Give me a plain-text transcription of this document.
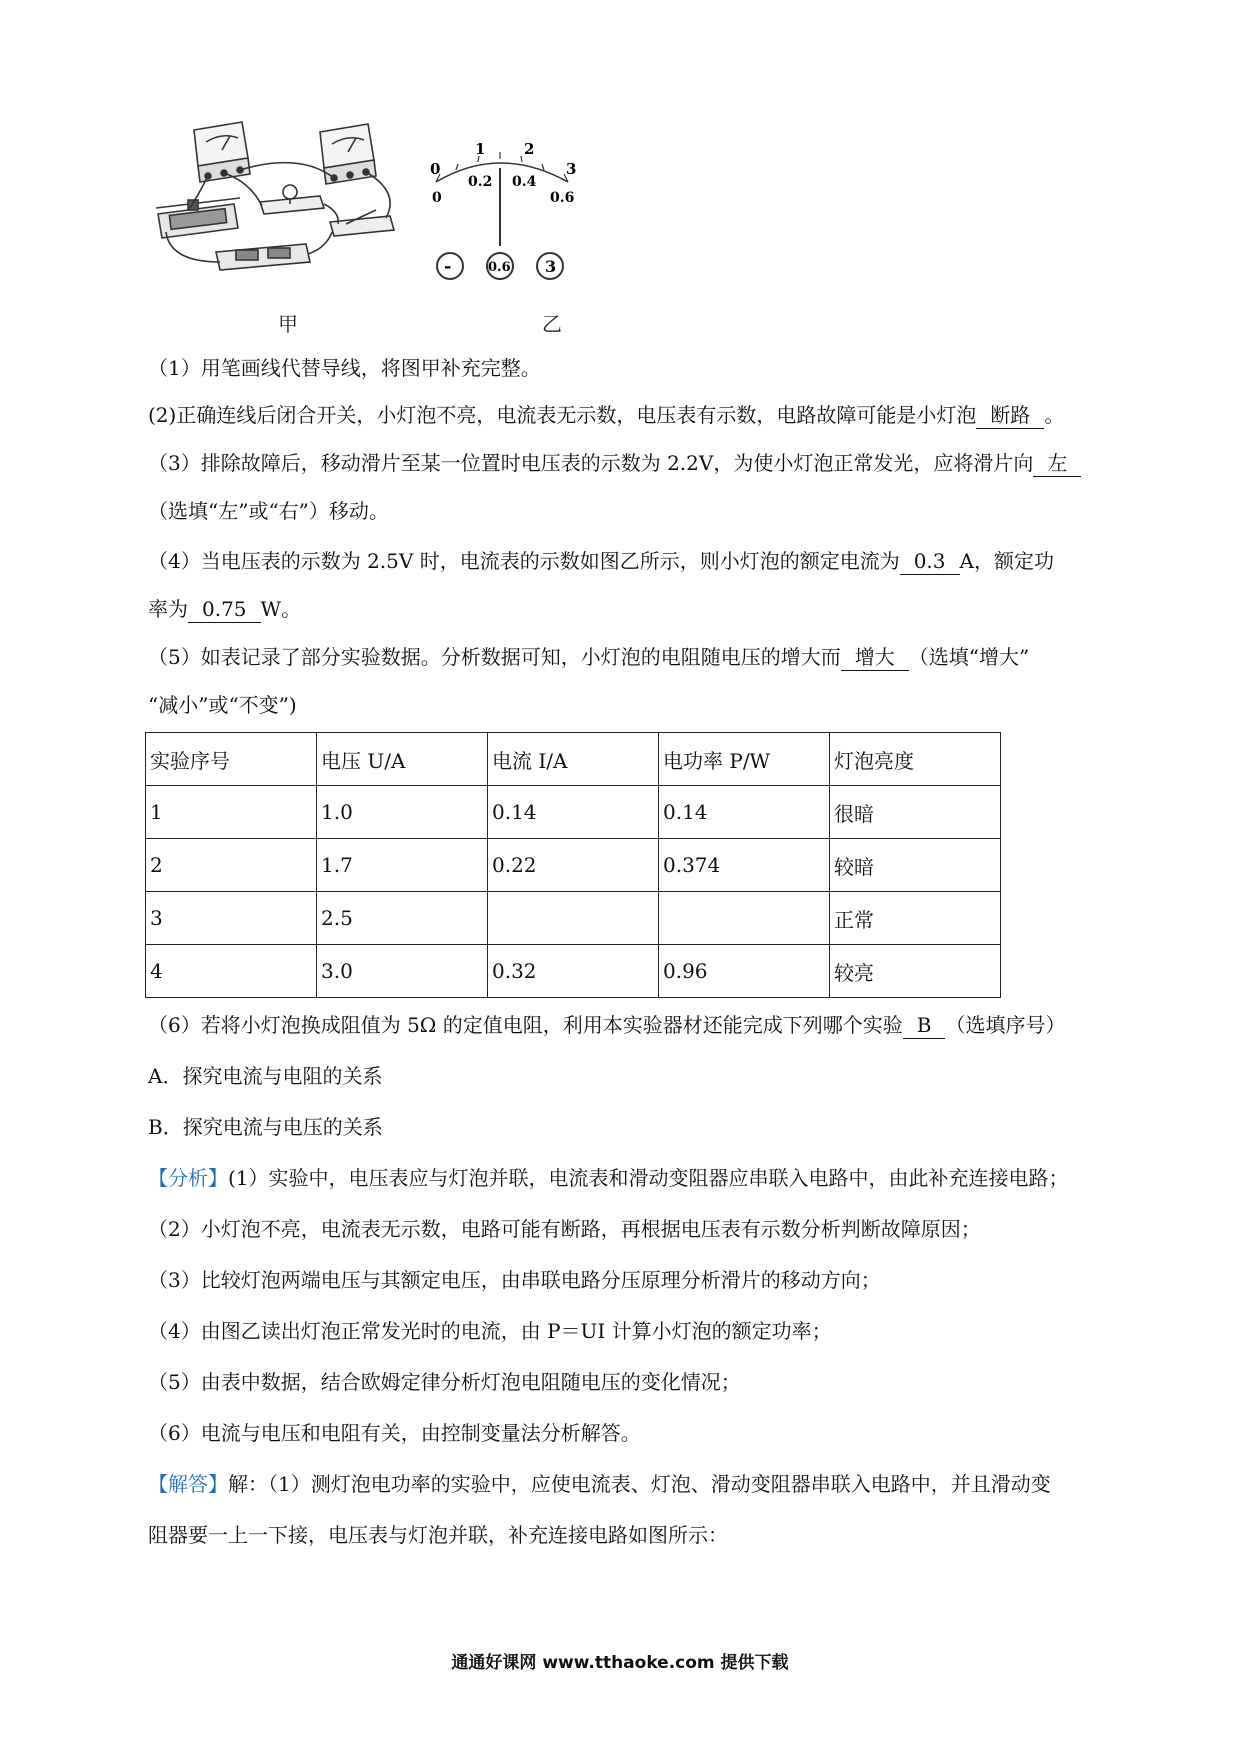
0
1	2
3
0
0.2 0.4
0.6
-	0.6 3
甲	乙
（1）用笔画线代替导线，将图甲补充完整。
(2)正确连线后闭合开关，小灯泡不亮，电流表无示数，电压表有示数，电路故障可能是小灯泡 断路 。
（3）排除故障后，移动滑片至某一位置时电压表的示数为 2.2V，为使小灯泡正常发光，应将滑片向 左
（选填“左”或“右”）移动。
（4）当电压表的示数为 2.5V 时，电流表的示数如图乙所示，则小灯泡的额定电流为 0.3 A，额定功
率为 0.75 W。
（5）如表记录了部分实验数据。分析数据可知，小灯泡的电阻随电压的增大而 增大 （选填“增大”
“减小”或“不变”)
实验序号	电压 U/A	电流 I/A	电功率 P/W	灯泡亮度
1	1.0	0.14	0.14	很暗
2	1.7	0.22	0.374	较暗
3	2.5			正常
4	3.0	0.32	0.96	较亮
（6）若将小灯泡换成阻值为 5Ω 的定值电阻，利用本实验器材还能完成下列哪个实验 B （选填序号）
A．探究电流与电阻的关系
B．探究电流与电压的关系
【分析】(1）实验中，电压表应与灯泡并联，电流表和滑动变阻器应串联入电路中，由此补充连接电路；
（2）小灯泡不亮，电流表无示数，电路可能有断路，再根据电压表有示数分析判断故障原因；
（3）比较灯泡两端电压与其额定电压，由串联电路分压原理分析滑片的移动方向；
（4）由图乙读出灯泡正常发光时的电流，由 P＝UI 计算小灯泡的额定功率；
（5）由表中数据，结合欧姆定律分析灯泡电阻随电压的变化情况；
（6）电流与电压和电阻有关，由控制变量法分析解答。
【解答】解：（1）测灯泡电功率的实验中，应使电流表、灯泡、滑动变阻器串联入电路中，并且滑动变
阻器要一上一下接，电压表与灯泡并联，补充连接电路如图所示：
通通好课网 www.tthaoke.com 提供下载
